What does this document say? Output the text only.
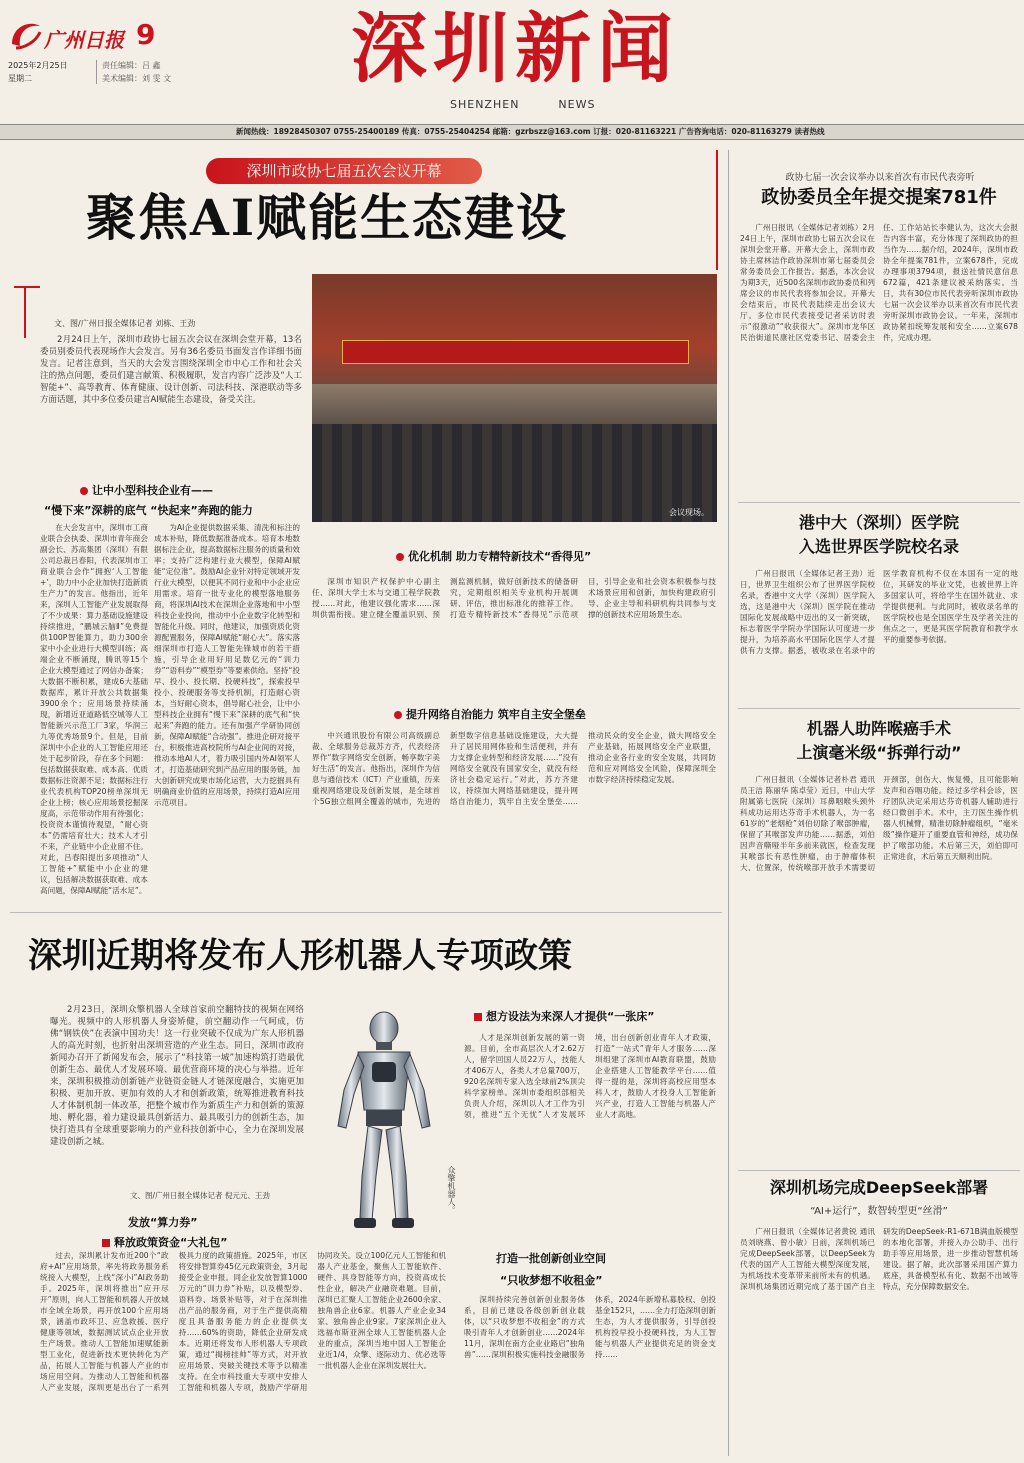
广州日报 9
2025年2月25日
星期二
责任编辑：吕 鑫
美术编辑：刘 雯 文	深圳新闻
SHENZHEN	NEWS
新闻热线：18928450307 0755-25400189 传真：0755-25404254 邮箱：gzrbszz@163.com 订报：020-81163221 广告咨询电话：020-81163279 读者热线
深圳市政协七届五次会议开幕
聚焦AI赋能生态建设
文、图/广州日报全媒体记者 刘栋、王劲
2月24日上午，深圳市政协七届五次会议在深圳会堂开幕，13名委员别委员代表现场作大会发言。另有36名委员书面发言作详细书面发言。记者注意到，当天的大会发言围绕深圳全市中心工作和社会关注的热点问题，委员们建言献策、积极履职，发言内容广泛涉及“人工智能+”、高等教育、体育健康、设计创新、司法科技、深港联动等多方面话题，其中多位委员建言AI赋能生态建设，备受关注。
会议现场。
让中小型科技企业有——
“慢下来”深耕的底气 “快起来”奔跑的能力
在大会发言中，深圳市工商业联合会执委、深圳市青年商会副会长、苏高集团（深圳）有限公司总裁吕春阳，代表深圳市工商业联合会作“拥抱‘人工智能+’，助力中小企业加快打造新质生产力”的发言。他指出，近年来，深圳人工智能产业发展取得了不少成果：算力基础设施建设持续推进，“鹏城云脑Ⅱ”免费提供100P智能算力，助力300余家中小企业进行大模型训练；高端企业不断涌现，腾讯等15个企业大模型通过了网信办备案；大数据不断积累，建成6大基础数据库，累计开放公共数据集3900余个；应用场景持续涌现，新增近亚道路低空城等人工智能新兴示范工厂3家，华润三九等优秀场景9个。但是，目前深圳中小企业的人工智能应用还处于起步阶段，存在多个问题：包括数据获取难、成本高、优质数据标注资源不足；数据标注行业代表机构TOP20榜单深圳无企业上榜；核心应用场景挖掘深度高，示范带动作用有待强化；投资资本谨慎待观望，“耐心资本”仍需培育壮大；技术人才引不来，产业链中小企业留不住。对此，吕春阳提出多项推动“人工智能+”赋能中小企业的建议，包括解决数据获取难、成本高问题，保障AI赋能“活水足”。
为AI企业提供数据采集、清洗和标注的成本补贴，降低数据准备成本。培育本地数据标注企业，提高数据标注服务的质量和效率；支持广泛构建行业大模型，保障AI赋能“定位准”。鼓励AI企业针对特定领域开发行业大模型，以便其不同行业和中小企业应用需求。培育一批专业化的模型落地服务商，将深圳AI技术在深圳企业落地和中小型科技企业投向，推动中小企业数字化转型和智能化升级。同时，他建议，加强资质化资源配置服务，保障AI赋能“耐心大”。落实落细深圳市打造人工智能先锋城市的若干措施，引导企业用好用足数亿元的“训力券”“语料券”“模型券”等要素供给。坚持“投早、投小、投长期、投硬科技”，探索投早投小、投硬服务等支持机制，打造耐心资本，当好耐心资本，倡导耐心社会，让中小型科技企业拥有“慢下来”深耕的底气和“快起来”奔跑的能力。还有加强产学研协同创新，保障AI赋能“合动强”。推进企研对接平台，积极推进高校院所与AI企业间的对接，推动本地AI人才，着力吸引国内外AI领军人才，打造基础研究到产品应用的服务链，加大创新研究成果市场化运营，大力挖掘具有明确商业价值的应用场景，持续打造AI应用示范项目。
优化机制 助力专精特新技术“香得见”
深圳市知识产权保护中心副主任、深圳大学土木与交通工程学院教授……对此，他建议强化需求……深圳供需衔接。建立健全覆盖识别、预测监测机制，做好创新技术的储备研究，定期组织相关专业机构开展调研、评估，推出标准化的推荐工作。打造专精特新技术“香得见”示范项目，引导企业和社会资本积极参与技术场景应用和创新，加快构建政府引导、企业主导和科研机构共同参与支撑的创新技术应用场景生态。
提升网络自治能力 筑牢自主安全堡垒
中兴通讯股份有限公司高级副总裁、全球服务总裁苏方齐，代表经济界作“数字网络安全创新，畅享数字美好生活”的发言。他指出，深圳作为信息与通信技术（ICT）产业重镇，历来重视网络建设及创新发展，是全球首个5G独立组网全覆盖的城市，先进的新型数字信息基础设施建设，大大提升了居民用网体验和生活便利，并有力支撑企业转型和经济发展……“没有网络安全就没有国家安全，就没有经济社会稳定运行。”对此，苏方齐建议，持续加大网络基础建设，提升网络自治能力，筑牢自主安全堡垒……推动民众的安全企业，做大网络安全产业基础，拓展网络安全产业联盟，推动企业各行业的安全发展，共同防范和应对网络安全风险，保障深圳全市数字经济持续稳定发展。
深圳近期将发布人形机器人专项政策
2月23日，深圳众擎机器人全球首家前空翻特技的视频在网络曝光。视频中的人形机器人身姿矫健，前空翻动作一气呵成，仿佛“钢铁侠”在表演中国功夫！这一行业突破不仅成为广东人形机器人的高光时刻，也折射出深圳营造的产业生态。同日，深圳市政府新闻办召开了新闻发布会，展示了“科技第一城”加速构筑打造最优创新生态、最优人才发展环境、最优营商环境的决心与举措。近年来，深圳积极推动创新链产业链资金链人才链深度融合，实施更加积极、更加开放、更加有效的人才和创新政策，统筹推进教育科技人才体制机制一体改革，把整个城市作为新质生产力和创新的策源地、孵化器，着力建设最具创新活力、最具吸引力的创新生态，加快打造具有全球重要影响力的产业科技创新中心，全力在深圳发展建设创新之城。
文、图/广州日报全媒体记者 倪元元、王劲
发放“算力券”
释放政策资金“大礼包”
过去，深圳累计发布近200个“政府+AI”应用场景，率先将政务服务系统接入大模型，上线“深小i”AI政务助手。2025年，深圳将推出“应开尽开”原则，向人工智能和机器人开放城市全域全场景，再开放100个应用场景，涵盖市政环卫、应急救援、医疗健康等领域，数据测试试点企业开放生产场景。推动人工智能加速赋能新型工业化，促进新技术更快转化为产品，拓展人工智能与机器人产业的市场应用空间。为推动人工智能和机器人产业发展，深圳更是出台了一系列极具力度的政策措施。2025年，市区将安排智算券45亿元政策资金，3月起接受企业申报。同企业发放智算1000万元的“训力券”补贴，以及模型券、语料券、场景补贴等，对于在深圳推出产品的服务商，对于生产提供高精度且具备服务能力的企业提供支持……60%的资助，降低企业研发成本。近期还将发布人形机器人专项政策，通过“揭榜挂帅”等方式，对开放应用场景、突破关键技术等予以精准支持。在全市科技重大专项中安排人工智能和机器人专项，鼓励产学研用协同攻关。设立100亿元人工智能和机器人产业基金，聚焦人工智能软件、硬件、具身智能等方向，投资高成长性企业，解决产业融资难题。目前，深圳已汇聚人工智能企业2600余家、独角兽企业6家。机器人产业企业34家、独角兽企业9家。7家深圳企业入选福布斯亚洲全球人工智能机器人企业的重点，深圳当地中国人工智能企业近1/4，众擎、逐际动力、优必选等一批机器人企业在深圳发展壮大。
众擎机器人。
想方设法为来深人才提供“一张床”
人才是深圳创新发展的第一资源。目前，全市高层次人才2.62万人，留学回国人员22万人，技能人才406万人，各类人才总量700万，920名深圳专家入选全球前2%顶尖科学家榜单。深圳市委组织部相关负责人介绍，深圳以人才工作为引领，推进“五个无忧”人才发展环境，出台创新创业青年人才政策，打造“一站式”青年人才服务……深圳组建了深圳市AI教育联盟，鼓励企业搭建人工智能教学平台……值得一提的是，深圳将高校应用型本科人才，鼓励人才投身人工智能新兴产业，打造人工智能与机器人产业人才高地。
打造一批创新创业空间
“只收梦想不收租金”
深圳持续完善创新创业服务体系，目前已建设各级创新创业载体，以“只收梦想不收租金”的方式吸引青年人才创新创业……2024年11月，深圳在南方企业业路启“独角兽”……深圳积极实施科技金融服务体系，2024年新增私募股权、创投基金152只，……全力打造深圳创新生态，为人才提供服务，引导创投机构投早投小投硬科技，为人工智能与机器人产业提供充足的资金支持……
政协七届一次会议举办以来首次有市民代表旁听
政协委员全年提交提案781件
广州日报讯（全媒体记者刘栋）2月24日上午，深圳市政协七届五次会议在深圳会堂开幕。开幕大会上，深圳市政协主席林洁作政协深圳市第七届委员会常务委员会工作报告。据悉，本次会议为期3天，近500名深圳市政协委员和列席会议的市民代表将参加会议。开幕大会结束后，市民代表陆续走出会议大厅。多位市民代表接受记者采访时表示“很激动”“收获很大”。深圳市龙华区民治街道民康社区党委书记、居委会主任、工作站站长李健认为，这次大会报告内容丰富，充分体现了深圳政协的担当作为……据介绍，2024年，深圳市政协全年提案781件，立案678件，完成办理事项3794项，报送社情民意信息672篇，421条建议被采纳落实。当日，共有30位市民代表旁听深圳市政协七届一次会议举办以来首次有市民代表旁听深圳市政协会议。一年来，深圳市政协紧扣统筹发展和安全……立案678件，完成办理。
港中大（深圳）医学院
入选世界医学院校名录
广州日报讯（全媒体记者王劲）近日，世界卫生组织公布了世界医学院校名录，香港中文大学（深圳）医学院入选，这是港中大（深圳）医学院在推动国际化发展战略中迈出的又一新突破，标志着医学学院办学国际认可度进一步提升，为培养高水平国际化医学人才提供有力支撑。据悉，被收录在名录中的医学教育机构不仅在本国有一定的地位，其研发的毕业文凭，也被世界上许多国家认可，将给学生在国外就业、求学提供便利。与此同时，被收录名单的医学院校也是全国医学生及学者关注的焦点之一，更是其医学院教育和教学水平的重要参考依据。
机器人助阵喉癌手术
上演毫米级“拆弹行动”
广州日报讯（全媒体记者朴君 通讯员王洁 陈丽华 陈卓莹）近日，中山大学附属第七医院（深圳）耳鼻咽喉头颈外科成功运用达芬奇手术机器人，为一名61岁的“老烟枪”刘伯切除了喉部肿瘤，保留了其喉部发声功能……据悉，刘伯因声音嘶哑半年多前来就医，检查发现其喉部长有恶性肿瘤，由于肿瘤体积大、位置深，传统喉部开放手术需要切开颈部，创伤大、恢复慢，且可能影响发声和吞咽功能。经过多学科会诊，医疗团队决定采用达芬奇机器人辅助进行经口微创手术。术中，主刀医生操作机器人机械臂，精准切除肿瘤组织，“毫米级”操作避开了重要血管和神经，成功保护了喉部功能。术后第三天，刘伯即可正常进食，术后第五天顺利出院。
深圳机场完成DeepSeek部署
“AI+运行”，数智转型更“丝滑”
广州日报讯（全媒体记者黄锐 通讯员刘晓燕、曾小敏）日前，深圳机场已完成DeepSeek部署，以DeepSeek为代表的国产人工智能大模型深度发展，为机场技术变革带来前所未有的机遇。深圳机场集团近期完成了基于国产自主研发的DeepSeek-R1-671B满血版模型的本地化部署，并接入办公助手、出行助手等应用场景，进一步推动智慧机场建设。据了解，此次部署采用国产算力底座，具备模型私有化、数据不出域等特点，充分保障数据安全。
